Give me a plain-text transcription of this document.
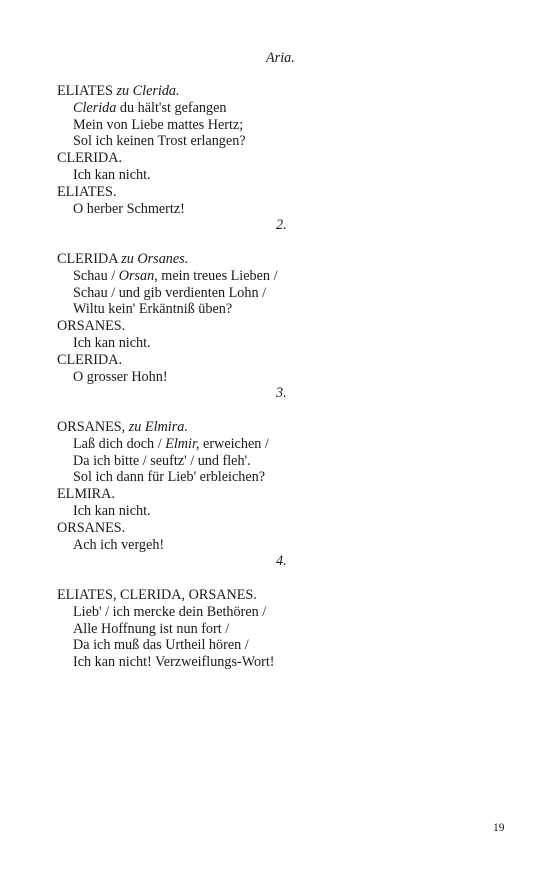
Aria.
ELIATES zu Clerida.
Clerida du hält'st gefangen
Mein von Liebe mattes Hertz;
Sol ich keinen Trost erlangen?
CLERIDA.
Ich kan nicht.
ELIATES.
O herber Schmertz!
2.
CLERIDA zu Orsanes.
Schau / Orsan, mein treues Lieben /
Schau / und gib verdienten Lohn /
Wiltu kein' Erkäntniß üben?
ORSANES.
Ich kan nicht.
CLERIDA.
O grosser Hohn!
3.
ORSANES, zu Elmira.
Laß dich doch / Elmir, erweichen /
Da ich bitte / seuftz' / und fleh'.
Sol ich dann für Lieb' erbleichen?
ELMIRA.
Ich kan nicht.
ORSANES.
Ach ich vergeh!
4.
ELIATES, CLERIDA, ORSANES.
Lieb' / ich mercke dein Bethören /
Alle Hoffnung ist nun fort /
Da ich muß das Urtheil hören /
Ich kan nicht! Verzweiflungs-Wort!
19
